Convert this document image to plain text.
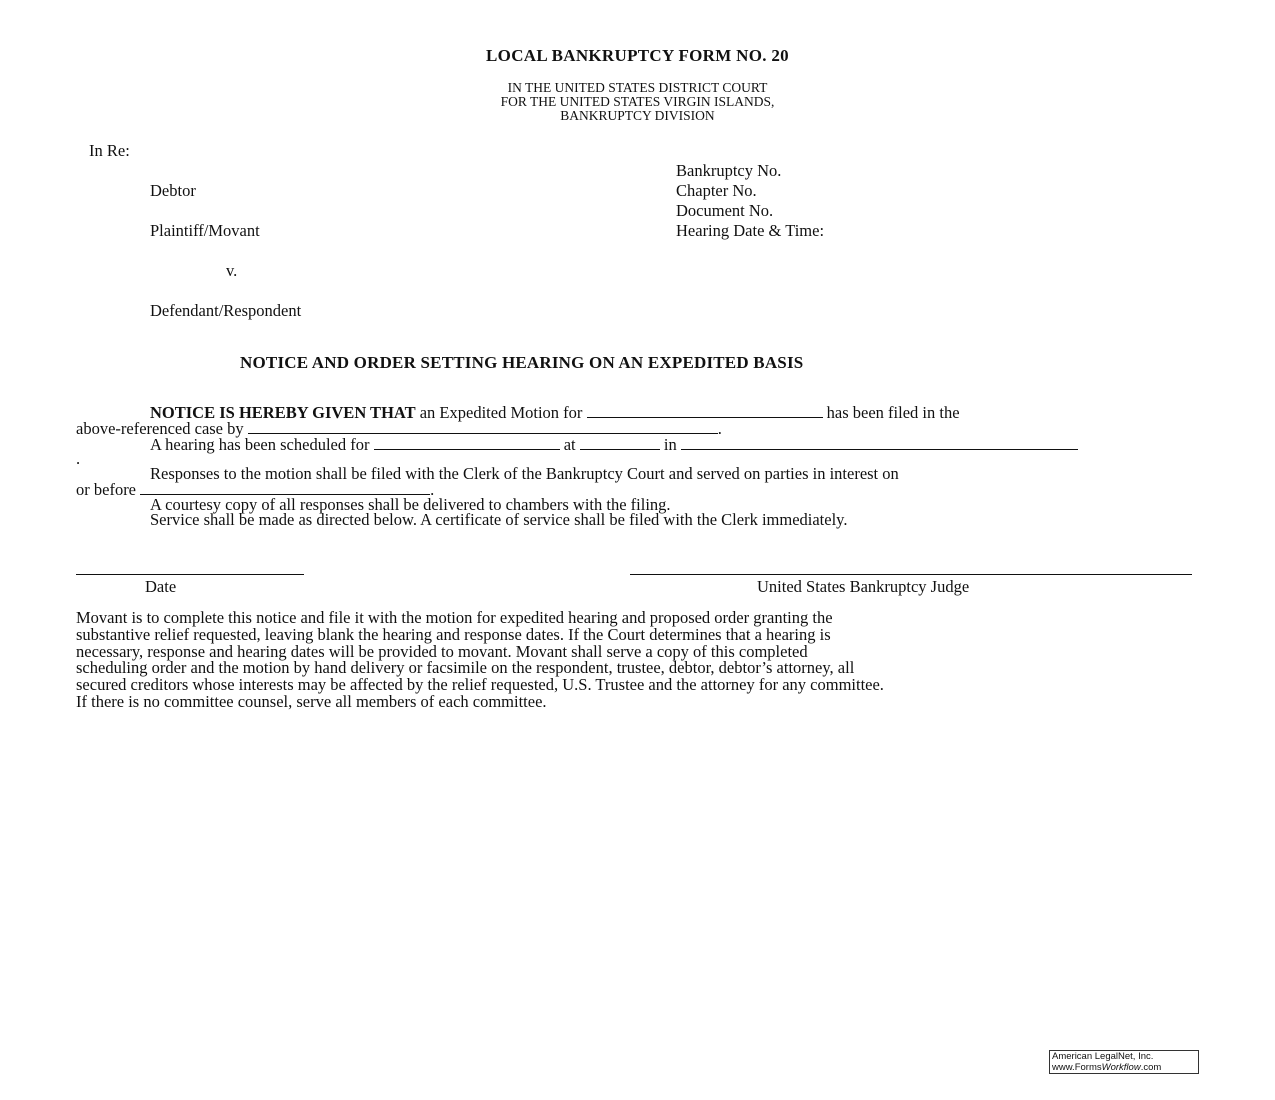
LOCAL BANKRUPTCY FORM NO. 20
IN THE UNITED STATES DISTRICT COURT
FOR THE UNITED STATES VIRGIN ISLANDS,
BANKRUPTCY DIVISION
In Re:
Debtor
Plaintiff/Movant
v.
Defendant/Respondent
Bankruptcy No.
Chapter No.
Document No.
Hearing Date & Time:
NOTICE AND ORDER SETTING HEARING ON AN EXPEDITED BASIS
NOTICE IS HEREBY GIVEN THAT an Expedited Motion for	has been filed in the
above-referenced case by	.
A hearing has been scheduled for	at	in
.
Responses to the motion shall be filed with the Clerk of the Bankruptcy Court and served on parties in interest on
or before	.
A courtesy copy of all responses shall be delivered to chambers with the filing.
Service shall be made as directed below. A certificate of service shall be filed with the Clerk immediately.
Date	United States Bankruptcy Judge
Movant is to complete this notice and file it with the motion for expedited hearing and proposed order granting the
substantive relief requested, leaving blank the hearing and response dates. If the Court determines that a hearing is
necessary, response and hearing dates will be provided to movant. Movant shall serve a copy of this completed
scheduling order and the motion by hand delivery or facsimile on the respondent, trustee, debtor, debtor’s attorney, all
secured creditors whose interests may be affected by the relief requested, U.S. Trustee and the attorney for any committee.
If there is no committee counsel, serve all members of each committee.
American LegalNet, Inc.
www.FormsWorkflow.com
